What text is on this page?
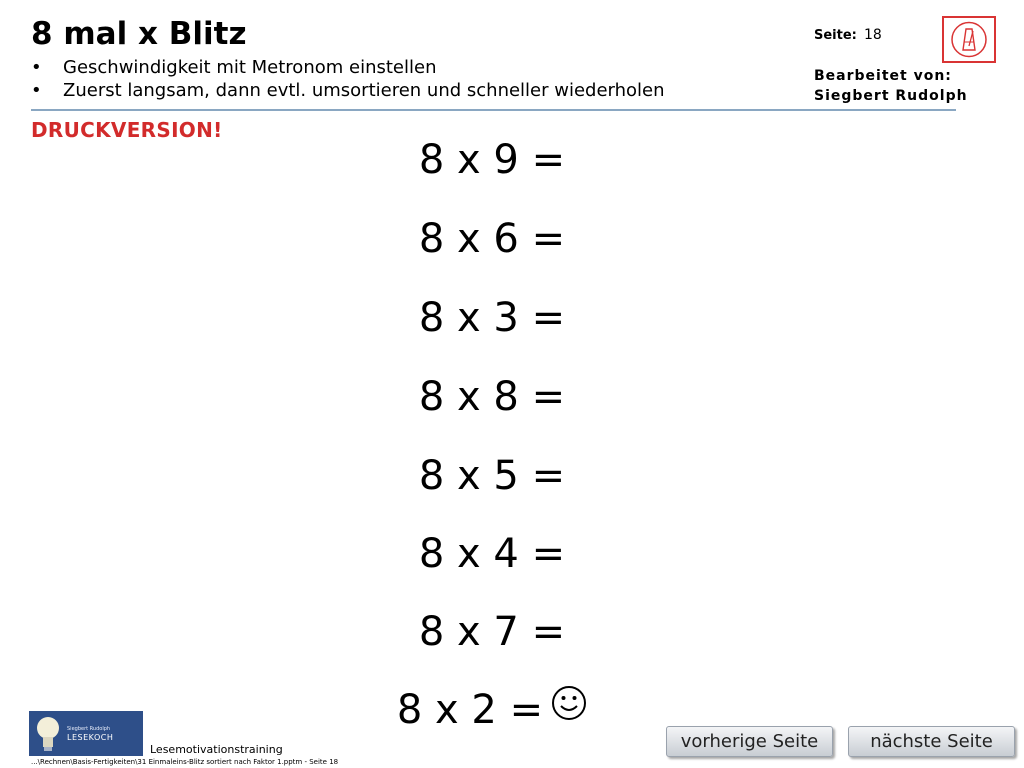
8 mal x Blitz
• Geschwindigkeit mit Metronom einstellen
• Zuerst langsam, dann evtl. umsortieren und schneller wiederholen
DRUCKVERSION!
Seite: 18
Bearbeitet von:
Siegbert Rudolph
8 x 9 =
8 x 6 =
8 x 3 =
8 x 8 =
8 x 5 =
8 x 4 =
8 x 7 =
8 x 2 =
Siegbert Rudolph
LESEKOCH
Lesemotivationstraining
...\Rechnen\Basis-Fertigkeiten\31 Einmaleins-Blitz sortiert nach Faktor 1.pptm - Seite 18
vorherige Seite	nächste Seite
